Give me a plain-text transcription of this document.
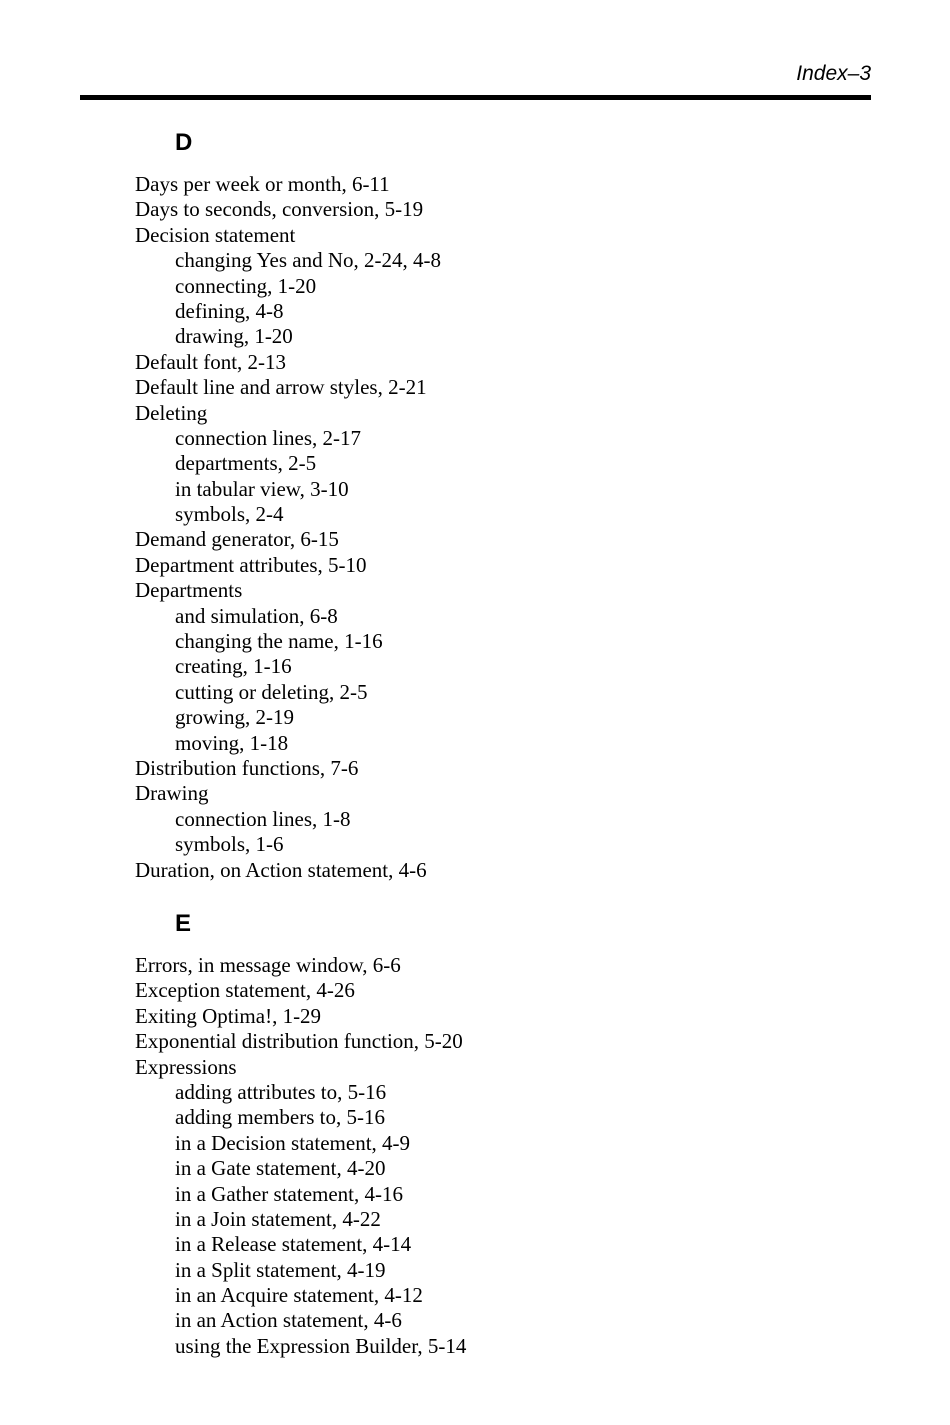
Index–3
D
Days per week or month, 6-11
Days to seconds, conversion, 5-19
Decision statement
changing Yes and No, 2-24, 4-8
connecting, 1-20
defining, 4-8
drawing, 1-20
Default font, 2-13
Default line and arrow styles, 2-21
Deleting
connection lines, 2-17
departments, 2-5
in tabular view, 3-10
symbols, 2-4
Demand generator, 6-15
Department attributes, 5-10
Departments
and simulation, 6-8
changing the name, 1-16
creating, 1-16
cutting or deleting, 2-5
growing, 2-19
moving, 1-18
Distribution functions, 7-6
Drawing
connection lines, 1-8
symbols, 1-6
Duration, on Action statement, 4-6
E
Errors, in message window, 6-6
Exception statement, 4-26
Exiting Optima!, 1-29
Exponential distribution function, 5-20
Expressions
adding attributes to, 5-16
adding members to, 5-16
in a Decision statement, 4-9
in a Gate statement, 4-20
in a Gather statement, 4-16
in a Join statement, 4-22
in a Release statement, 4-14
in a Split statement, 4-19
in an Acquire statement, 4-12
in an Action statement, 4-6
using the Expression Builder, 5-14
